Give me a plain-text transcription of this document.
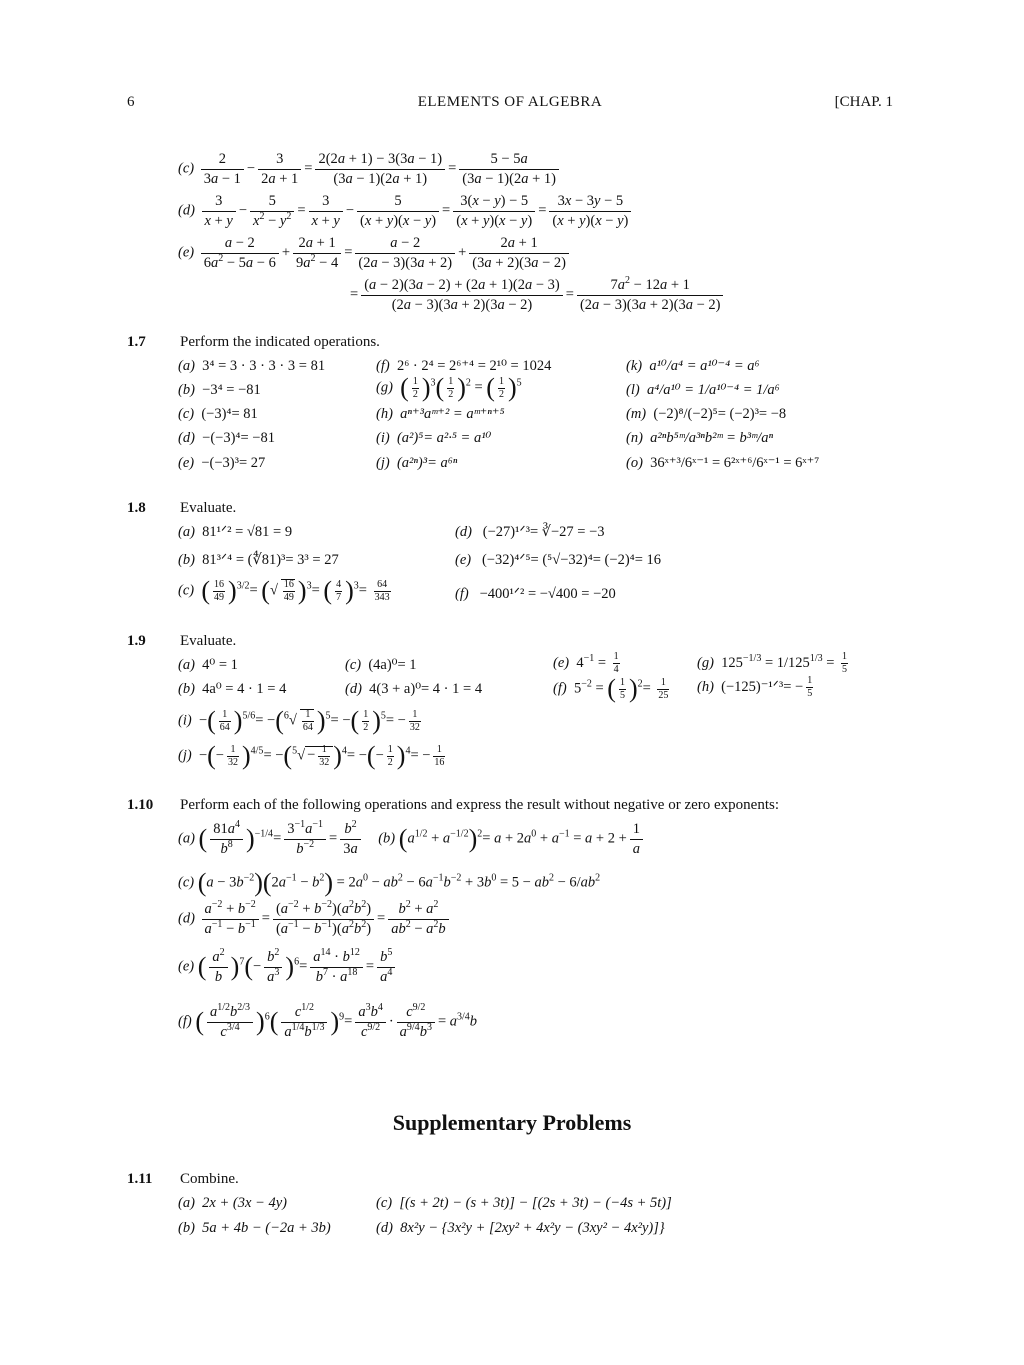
6	ELEMENTS OF ALGEBRA	[CHAP. 1
$(c) \frac{2}{3a - 1} - \frac{3}{2a + 1} = \frac{2(2a + 1) - 3(3a - 1)}{(3a - 1)(2a + 1)} = \frac{5 - 5a}{(3a - 1)(2a + 1)}$
$(d) \frac{3}{x + y} - \frac{5}{x^2 - y^2} = \frac{3}{x + y} - \frac{5}{(x + y)(x - y)} = \frac{3(x - y) - 5}{(x + y)(x - y)} = \frac{3x - 3y - 5}{(x + y)(x - y)}$
$(e) \frac{a - 2}{6a^2 - 5a - 6} + \frac{2a + 1}{9a^2 - 4} = \frac{a - 2}{(2a - 3)(3a + 2)} + \frac{2a + 1}{(3a + 2)(3a - 2)}$
= $\frac{(a - 2)(3a - 2) + (2a + 1)(2a - 3)}{(2a - 3)(3a + 2)(3a - 2)} = \frac{7a^2 - 12a + 1}{(2a - 3)(3a + 2)(3a - 2)}$
1.7 Perform the indicated operations.
(a) 3⁴ = 3 · 3 · 3 · 3 = 81
(b) −3⁴ = −81
(c) (−3)⁴= 81
(d) −(−3)⁴= −81
(e) −(−3)³= 27
(f) 2⁶ · 2⁴ = 2⁶⁺⁴ = 2¹⁰ = 1024
(g) ( $\frac{1}{2} )^3( \frac{1}{2} )^2$ = ( $\frac{1}{2} )^5$
(h) aⁿ⁺³aᵐ⁺² = aᵐ⁺ⁿ⁺⁵
(i) (a²)⁵= a²·⁵ = a¹⁰
(j) (a²ⁿ)³= a⁶ⁿ
(k) a¹⁰/a⁴ = a¹⁰⁻⁴ = a⁶
(l) a⁴/a¹⁰ = 1/a¹⁰⁻⁴ = 1/a⁶
(m) (−2)⁸/(−2)⁵= (−2)³= −8
(n) a²ⁿb⁵ᵐ/a³ⁿb²ᵐ = b³ᵐ/aⁿ
(o) 36ˣ⁺³/6ˣ⁻¹ = 6²ˣ⁺⁶/6ˣ⁻¹ = 6ˣ⁺⁷
1.8 Evaluate.
(a) 81¹ᐟ² = √81 = 9
(b) 81³ᐟ⁴ = (∜81)³= 3³ = 27
(c) ( $\frac{16}{49} )^{3/2}=$ (√ $\frac{16}{49} )^3=$ ( $\frac{4}{7} )^3= \frac{64}{343}$
(d) (−27)¹ᐟ³= ∛−27 = −3
(e) (−32)⁴ᐟ⁵= (⁵√−32)⁴= (−2)⁴= 16
(f) −400¹ᐟ² = −√400 = −20
1.9 Evaluate.
(a) 4⁰ = 1
(b) 4a⁰ = 4 · 1 = 4
(c) (4a)⁰= 1
(d) 4(3 + a)⁰= 4 · 1 = 4
(e)  $4^{-1} = \frac{1}{4}$
(f)  $5^{-2}$ = ( $\frac{1}{5} )^2= \frac{1}{25}$
(g)  $125^{-1/3} = 1/125^{1/3} = \frac{1}{5}$
(h) (−125)⁻¹ᐟ³= − $\frac{1}{5}$
(i)  −( $\frac{1}{64} )^{5/6}= -(^6√ \frac{1}{64} )^5=$ −( $\frac{1}{2} )^5= - \frac{1}{32}$
(j)  −(− $\frac{1}{32} )^{4/5}= -(^5√ - \frac{1}{32} )^4=$ −(− $\frac{1}{2} )^4= - \frac{1}{16}$
1.10 Perform each of the following operations and express the result without negative or zero exponents:
(a) ( $\frac{81a^4}{b^8} )^{-1/4}= \frac{3^{-1}a^{-1}}{b^{-2}} = \frac{b^2}{3a} (b)$ $(a^{1/2} + a^{-1/2})^2= a + 2a^0 + a^{-1} = a + 2 + \frac{1}{a}$
(c) $(a - 3b^{-2})(2a^{-1} - b^2) = 2a^0 - ab^2 - 6a^{-1}b^{-2} + 3b^0 = 5 - ab^2 - 6/ab^2$
$(d) \frac{a^{-2} + b^{-2}}{a^{-1} - b^{-1}} = \frac{(a^{-2} + b^{-2})(a^2b^2)}{(a^{-1} - b^{-1})(a^2b^2)} = \frac{b^2 + a^2}{ab^2 - a^2b}$
(e) ( $\frac{a^2}{b} )^7(- \frac{b^2}{a^3} )^6= \frac{a^{14} \cdot b^{12}}{b^7 \cdot a^{18}} = \frac{b^5}{a^4}$
(f) ( $\frac{a^{1/2}b^{2/3}}{c^{3/4}} )^6( \frac{c^{1/2}}{a^{1/4}b^{1/3}} )^9= \frac{a^3b^4}{c^{9/2}} \cdot \frac{c^{9/2}}{a^{9/4}b^3} = a^{3/4}b$
Supplementary Problems
1.11 Combine.
(a) 2x + (3x − 4y)
(b) 5a + 4b − (−2a + 3b)
(c) [(s + 2t) − (s + 3t)] − [(2s + 3t) − (−4s + 5t)]
(d) 8x²y − {3x²y + [2xy² + 4x²y − (3xy² − 4x²y)]}
